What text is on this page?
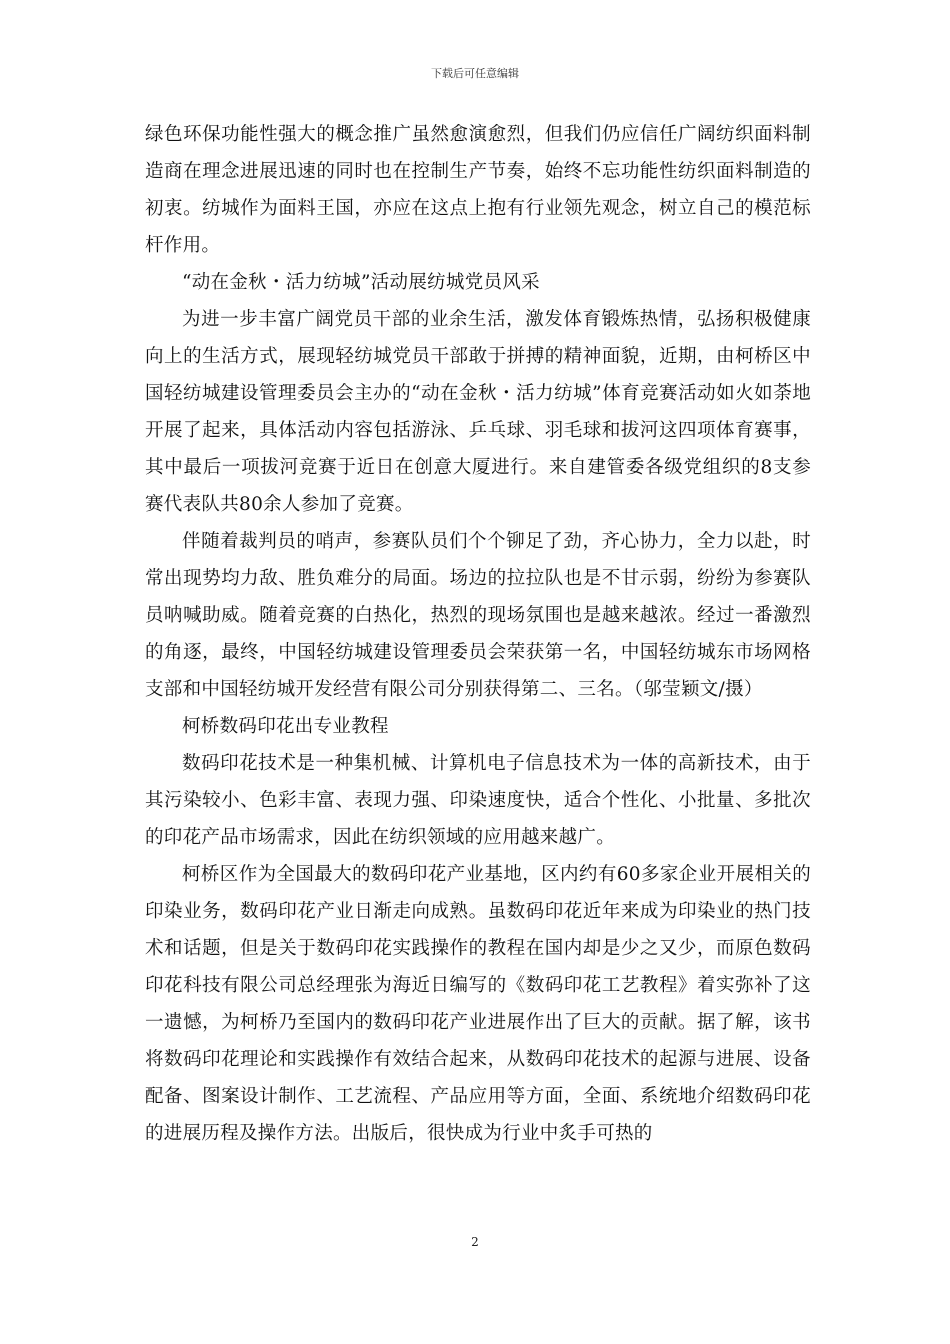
下载后可任意编辑

绿色环保功能性强大的概念推广虽然愈演愈烈，但我们仍应信任广阔纺织面料制造商在理念进展迅速的同时也在控制生产节奏，始终不忘功能性纺织面料制造的初衷。纺城作为面料王国，亦应在这点上抱有行业领先观念，树立自己的模范标杆作用。

“动在金秋・活力纺城”活动展纺城党员风采

为进一步丰富广阔党员干部的业余生活，激发体育锻炼热情，弘扬积极健康向上的生活方式，展现轻纺城党员干部敢于拼搏的精神面貌，近期，由柯桥区中国轻纺城建设管理委员会主办的“动在金秋・活力纺城”体育竞赛活动如火如荼地开展了起来，具体活动内容包括游泳、乒乓球、羽毛球和拔河这四项体育赛事，其中最后一项拔河竞赛于近日在创意大厦进行。来自建管委各级党组织的8支参赛代表队共80余人参加了竞赛。

伴随着裁判员的哨声，参赛队员们个个铆足了劲，齐心协力，全力以赴，时常出现势均力敌、胜负难分的局面。场边的拉拉队也是不甘示弱，纷纷为参赛队员呐喊助威。随着竞赛的白热化，热烈的现场氛围也是越来越浓。经过一番激烈的角逐，最终，中国轻纺城建设管理委员会荣获第一名，中国轻纺城东市场网格支部和中国轻纺城开发经营有限公司分别获得第二、三名。（邬莹颖文/摄）

柯桥数码印花出专业教程

数码印花技术是一种集机械、计算机电子信息技术为一体的高新技术，由于其污染较小、色彩丰富、表现力强、印染速度快，适合个性化、小批量、多批次的印花产品市场需求，因此在纺织领域的应用越来越广。

柯桥区作为全国最大的数码印花产业基地，区内约有60多家企业开展相关的印染业务，数码印花产业日渐走向成熟。虽数码印花近年来成为印染业的热门技术和话题，但是关于数码印花实践操作的教程在国内却是少之又少，而原色数码印花科技有限公司总经理张为海近日编写的《数码印花工艺教程》着实弥补了这一遗憾，为柯桥乃至国内的数码印花产业进展作出了巨大的贡献。据了解，该书将数码印花理论和实践操作有效结合起来，从数码印花技术的起源与进展、设备配备、图案设计制作、工艺流程、产品应用等方面，全面、系统地介绍数码印花的进展历程及操作方法。出版后，很快成为行业中炙手可热的

2
